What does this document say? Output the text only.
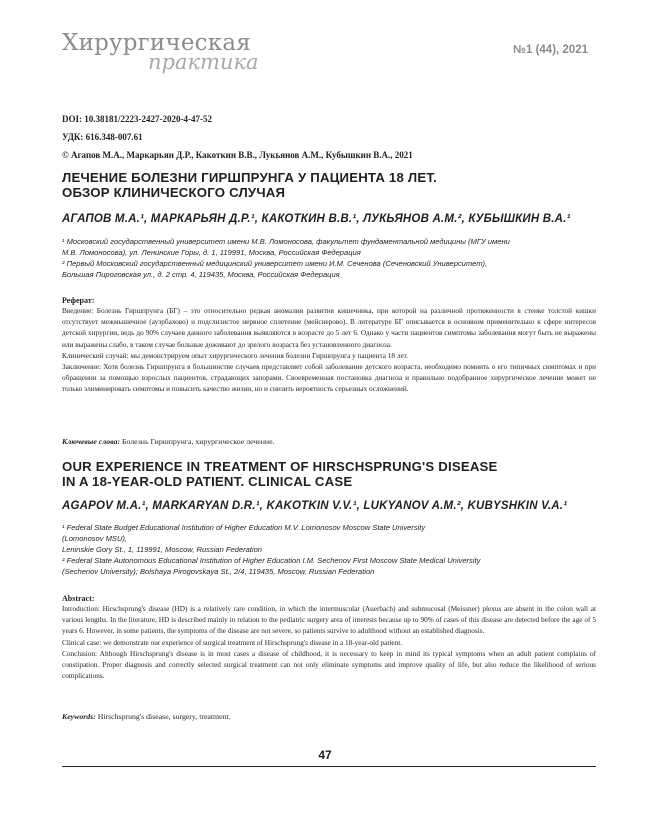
Хирургическая
практика	№1 (44), 2021
DOI: 10.38181/2223-2427-2020-4-47-52
УДК: 616.348-007.61
© Агапов М.А., Маркарьян Д.Р., Какоткин В.В., Лукьянов А.М., Кубышкин В.А., 2021
ЛЕЧЕНИЕ БОЛЕЗНИ ГИРШПРУНГА У ПАЦИЕНТА 18 ЛЕТ.
ОБЗОР КЛИНИЧЕСКОГО СЛУЧАЯ
АГАПОВ М.А.¹, МАРКАРЬЯН Д.Р.¹, КАКОТКИН В.В.¹, ЛУКЬЯНОВ А.М.², КУБЫШКИН В.А.¹
¹ Московский государственный университет имени М.В. Ломоносова, факультет фундаментальной медицины (МГУ имени
М.В. Ломоносова), ул. Ленинские Горы, д. 1, 119991, Москва, Российская Федерация
² Первый Московский государственный медицинский университет имени И.М. Сеченова (Сеченовский Университет),
Большая Пироговская ул., д. 2 стр. 4, 119435, Москва, Российская Федерация
Реферат:

Введение: Болезнь Гиршпрунга (БГ) – это относительно редкая аномалия развития кишечника, при которой на различной протяженности в стенке толстой кишки отсутствует межмышечное (ауэрбахово) и подслизистое нервное сплетение (мейснерово). В литературе БГ описывается в основном применительно к сфере интересов детской хирургии, ведь до 90% случаев данного заболевания выявляются в возрасте до 5 лет 6. Однако у части пациентов симптомы заболевания могут быть не выражены или выражены слабо, в таком случае больные доживают до зрелого возраста без установленного диагноза.

Клинический случай: мы демонстрируем опыт хирургического лечения болезни Гиршпрунга у пациента 18 лет.

Заключение: Хотя болезнь Гиршпрунга в большинстве случаев представляет собой заболевание детского возраста, необходимо помнить о его типичных симптомах и при обращении за помощью взрослых пациентов, страдающих запорами. Своевременная постановка диагноза и правильно подобранное хирургическое лечение может не только элиминировать симптомы и повысить качество жизни, но и снизить вероятность серьезных осложнений.

Ключевые слова: Болезнь Гиршпрунга, хирургическое лечение.
OUR EXPERIENCE IN TREATMENT OF HIRSCHSPRUNG'S DISEASE
IN A 18-YEAR-OLD PATIENT. CLINICAL CASE
AGAPOV M.A.¹, MARKARYAN D.R.¹, KAKOTKIN V.V.¹, LUKYANOV A.M.², KUBYSHKIN V.A.¹
¹ Federal State Budget Educational Institution of Higher Education M.V. Lomonosov Moscow State University
(Lomonosov MSU),
Leninskie Gory St., 1, 119991, Moscow, Russian Federation
² Federal State Autonomous Educational Institution of Higher Education I.M. Sechenov First Moscow State Medical University
(Sechenov University); Bolshaya Pirogovskaya St., 2/4, 119435, Moscow, Russian Federation
Abstract:

Introduction: Hirschsprung's disease (HD) is a relatively rare condition, in which the intermuscular (Auerbach) and submucosal (Meissner) plexus are absent in the colon wall at various lengths. In the literature, HD is described mainly in relation to the pediatric surgery area of interests because up to 90% of cases of this disease are detected before the age of 5 years 6. However, in some patients, the symptoms of the disease are not severe, so patients survive to adulthood without an established diagnosis.

Clinical case: we demonstrate our experience of surgical treatment of Hirschsprung's disease in a 18-year-old patient.

Conclusion: Although Hirschsprung's disease is in most cases a disease of childhood, it is necessary to keep in mind its typical symptoms when an adult patient complains of constipation. Proper diagnosis and correctly selected surgical treatment can not only eliminate symptoms and improve quality of life, but also reduce the likelihood of serious complications.

Keywords: Hirschsprung's disease, surgery, treatment.
47
